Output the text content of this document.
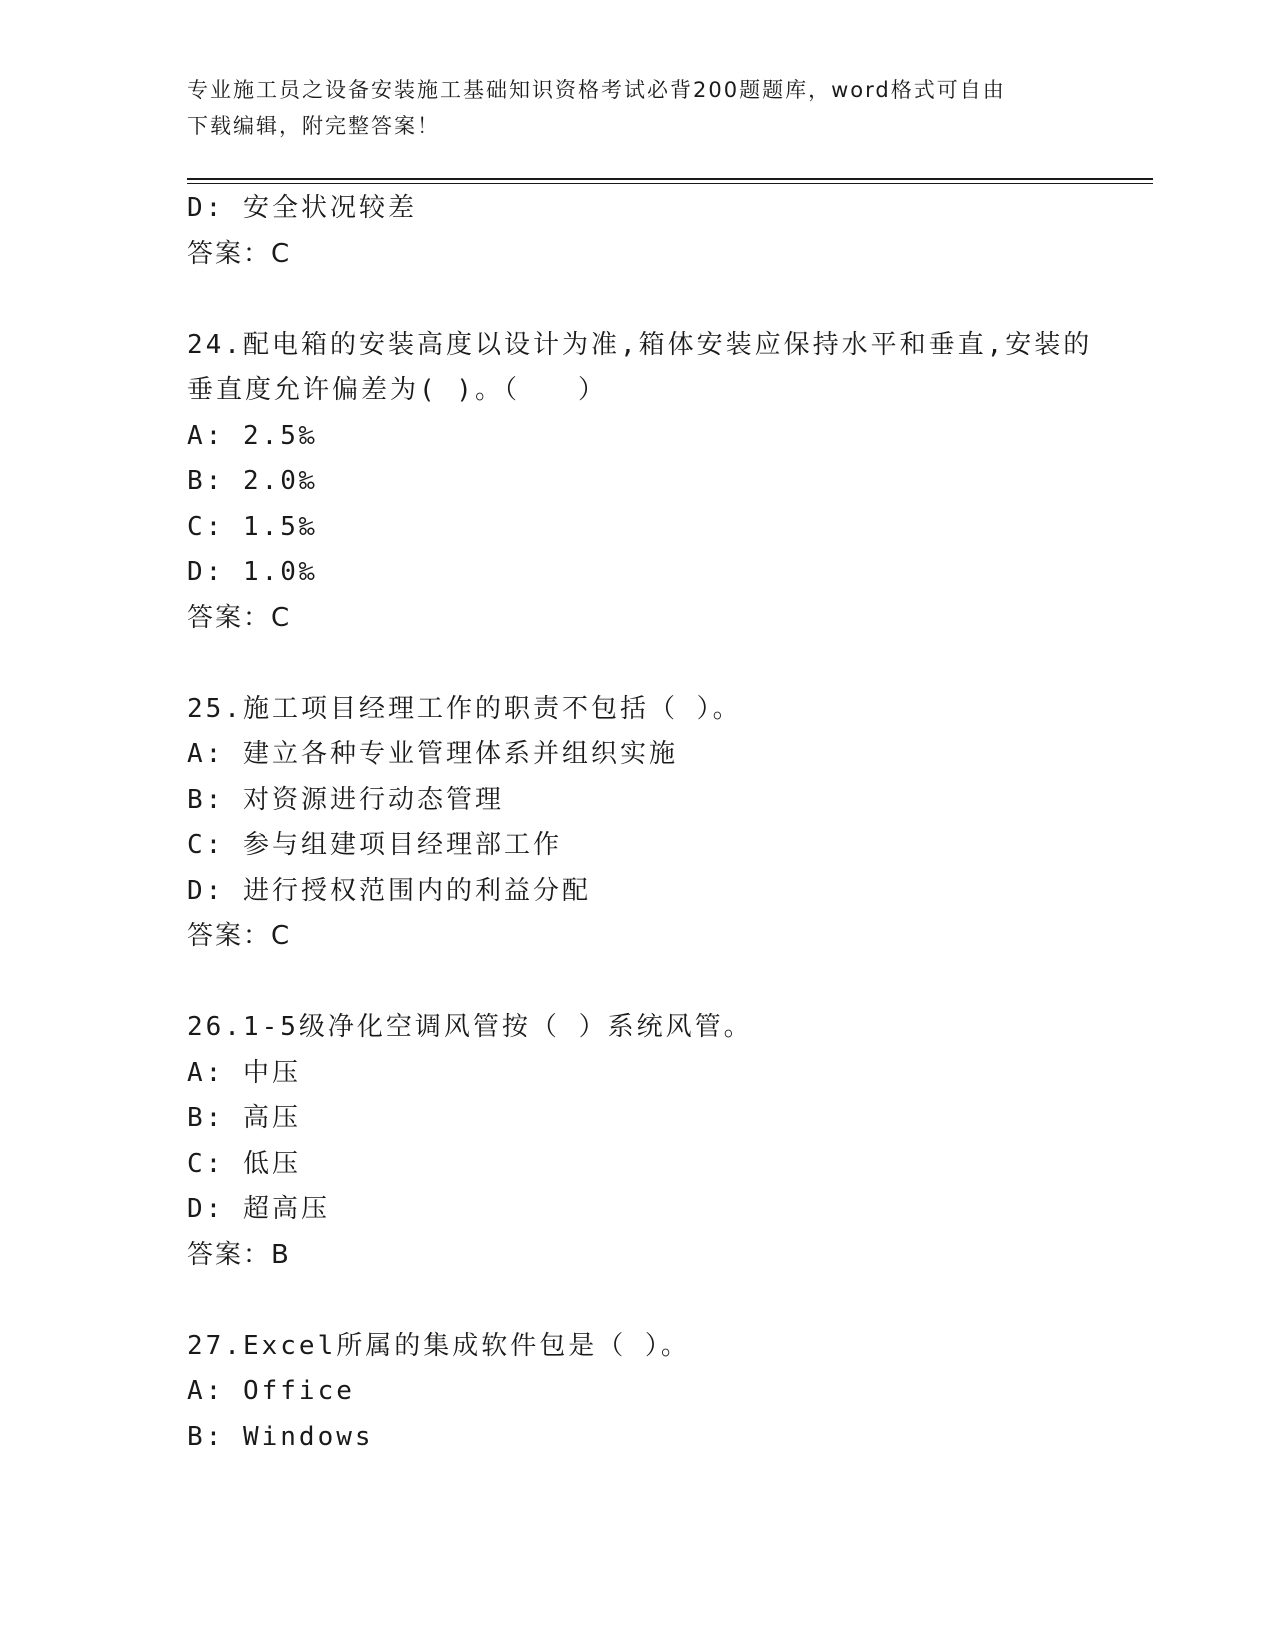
专业施工员之设备安装施工基础知识资格考试必背200题题库，word格式可自由
下载编辑，附完整答案！
D: 安全状况较差
答案：C
24.配电箱的安装高度以设计为准,箱体安装应保持水平和垂直,安装的
垂直度允许偏差为( )。（　　）
A: 2.5‰
B: 2.0‰
C: 1.5‰
D: 1.0‰
答案：C
25.施工项目经理工作的职责不包括（ ）。
A: 建立各种专业管理体系并组织实施
B: 对资源进行动态管理
C: 参与组建项目经理部工作
D: 进行授权范围内的利益分配
答案：C
26.1-5级净化空调风管按（ ）系统风管。
A: 中压
B: 高压
C: 低压
D: 超高压
答案：B
27.Excel所属的集成软件包是（ ）。
A: Office
B: Windows
